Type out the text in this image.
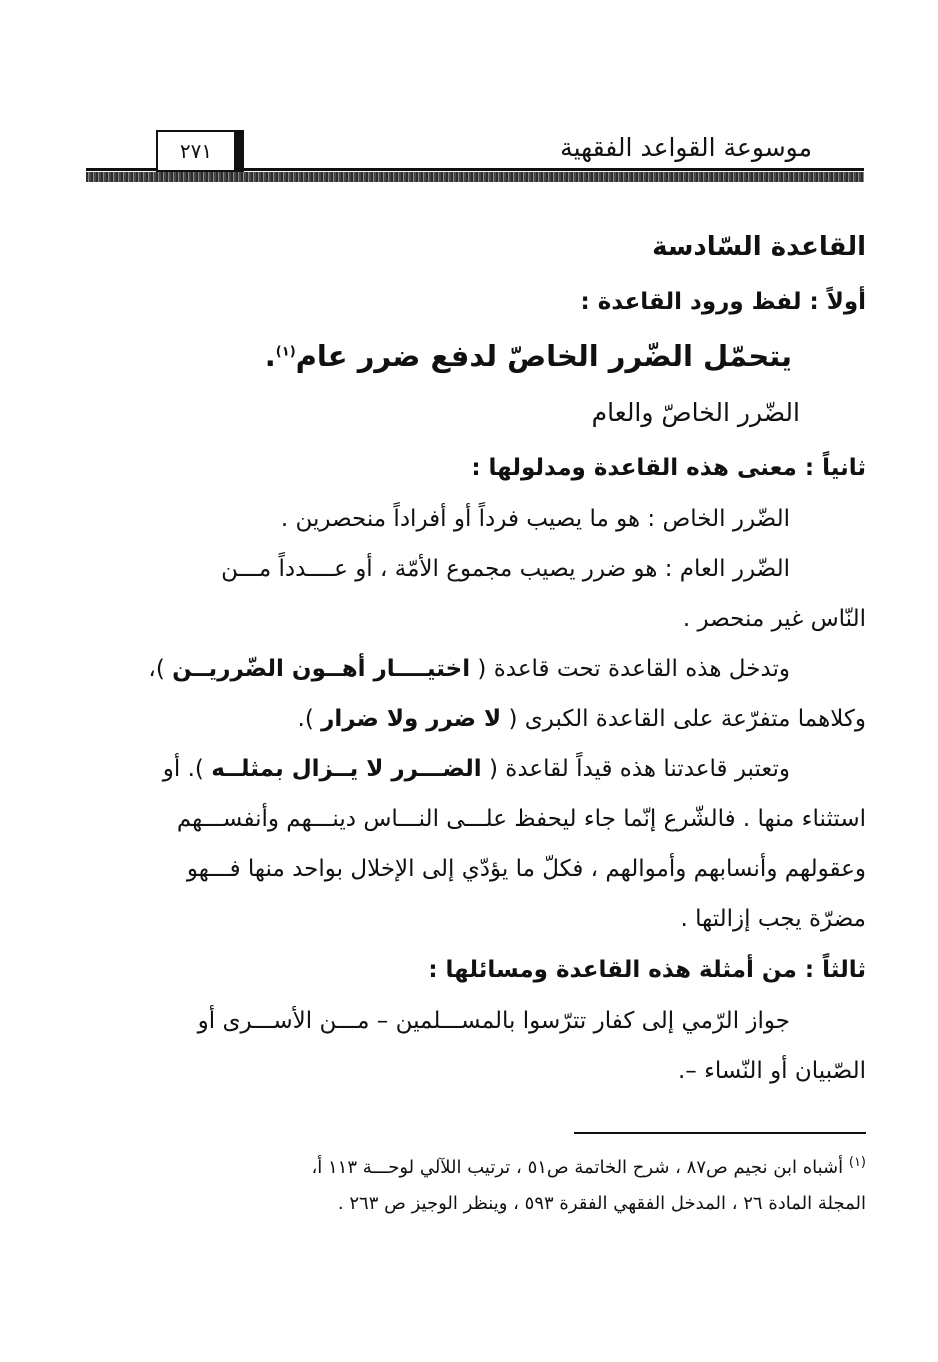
موسوعة القواعد الفقهية
٢٧١
القاعدة السّادسة
أولاً : لفظ ورود القاعدة :
يتحمّل الضّرر الخاصّ لدفع ضرر عام$^{(١)}$.
الضّرر الخاصّ والعام
ثانياً : معنى هذه القاعدة ومدلولها :
الضّرر الخاص : هو ما يصيب فرداً أو أفراداً منحصرين .
الضّرر العام : هو ضرر يصيب مجموع الأمّة ، أو عــــدداً مـــن
النّاس غير منحصر .
وتدخل هذه القاعدة تحت قاعدة ( اختيــــار أهــون الضّرريــن )،
وكلاهما متفرّعة على القاعدة الكبرى ( لا ضرر ولا ضرار ).
وتعتبر قاعدتنا هذه قيداً لقاعدة ( الضـــرر لا يــزال بمثلــه ). أو
استثناء منها . فالشّرع إنّما جاء ليحفظ علـــى النـــاس دينـــهم وأنفســـهم
وعقولهم وأنسابهم وأموالهم ، فكلّ ما يؤدّي إلى الإخلال بواحد منها فـــهو
مضرّة يجب إزالتها .
ثالثاً : من أمثلة هذه القاعدة ومسائلها :
جواز الرّمي إلى كفار تترّسوا بالمســـلمين – مـــن الأســـرى أو
الصّبيان أو النّساء –.
$^{(١)}$ أشباه ابن نجيم ص٨٧ ، شرح الخاتمة ص٥١ ، ترتيب اللآلي لوحـــة ١١٣ أ،
المجلة المادة ٢٦ ، المدخل الفقهي الفقرة ٥٩٣ ، وينظر الوجيز ص ٢٦٣ .
